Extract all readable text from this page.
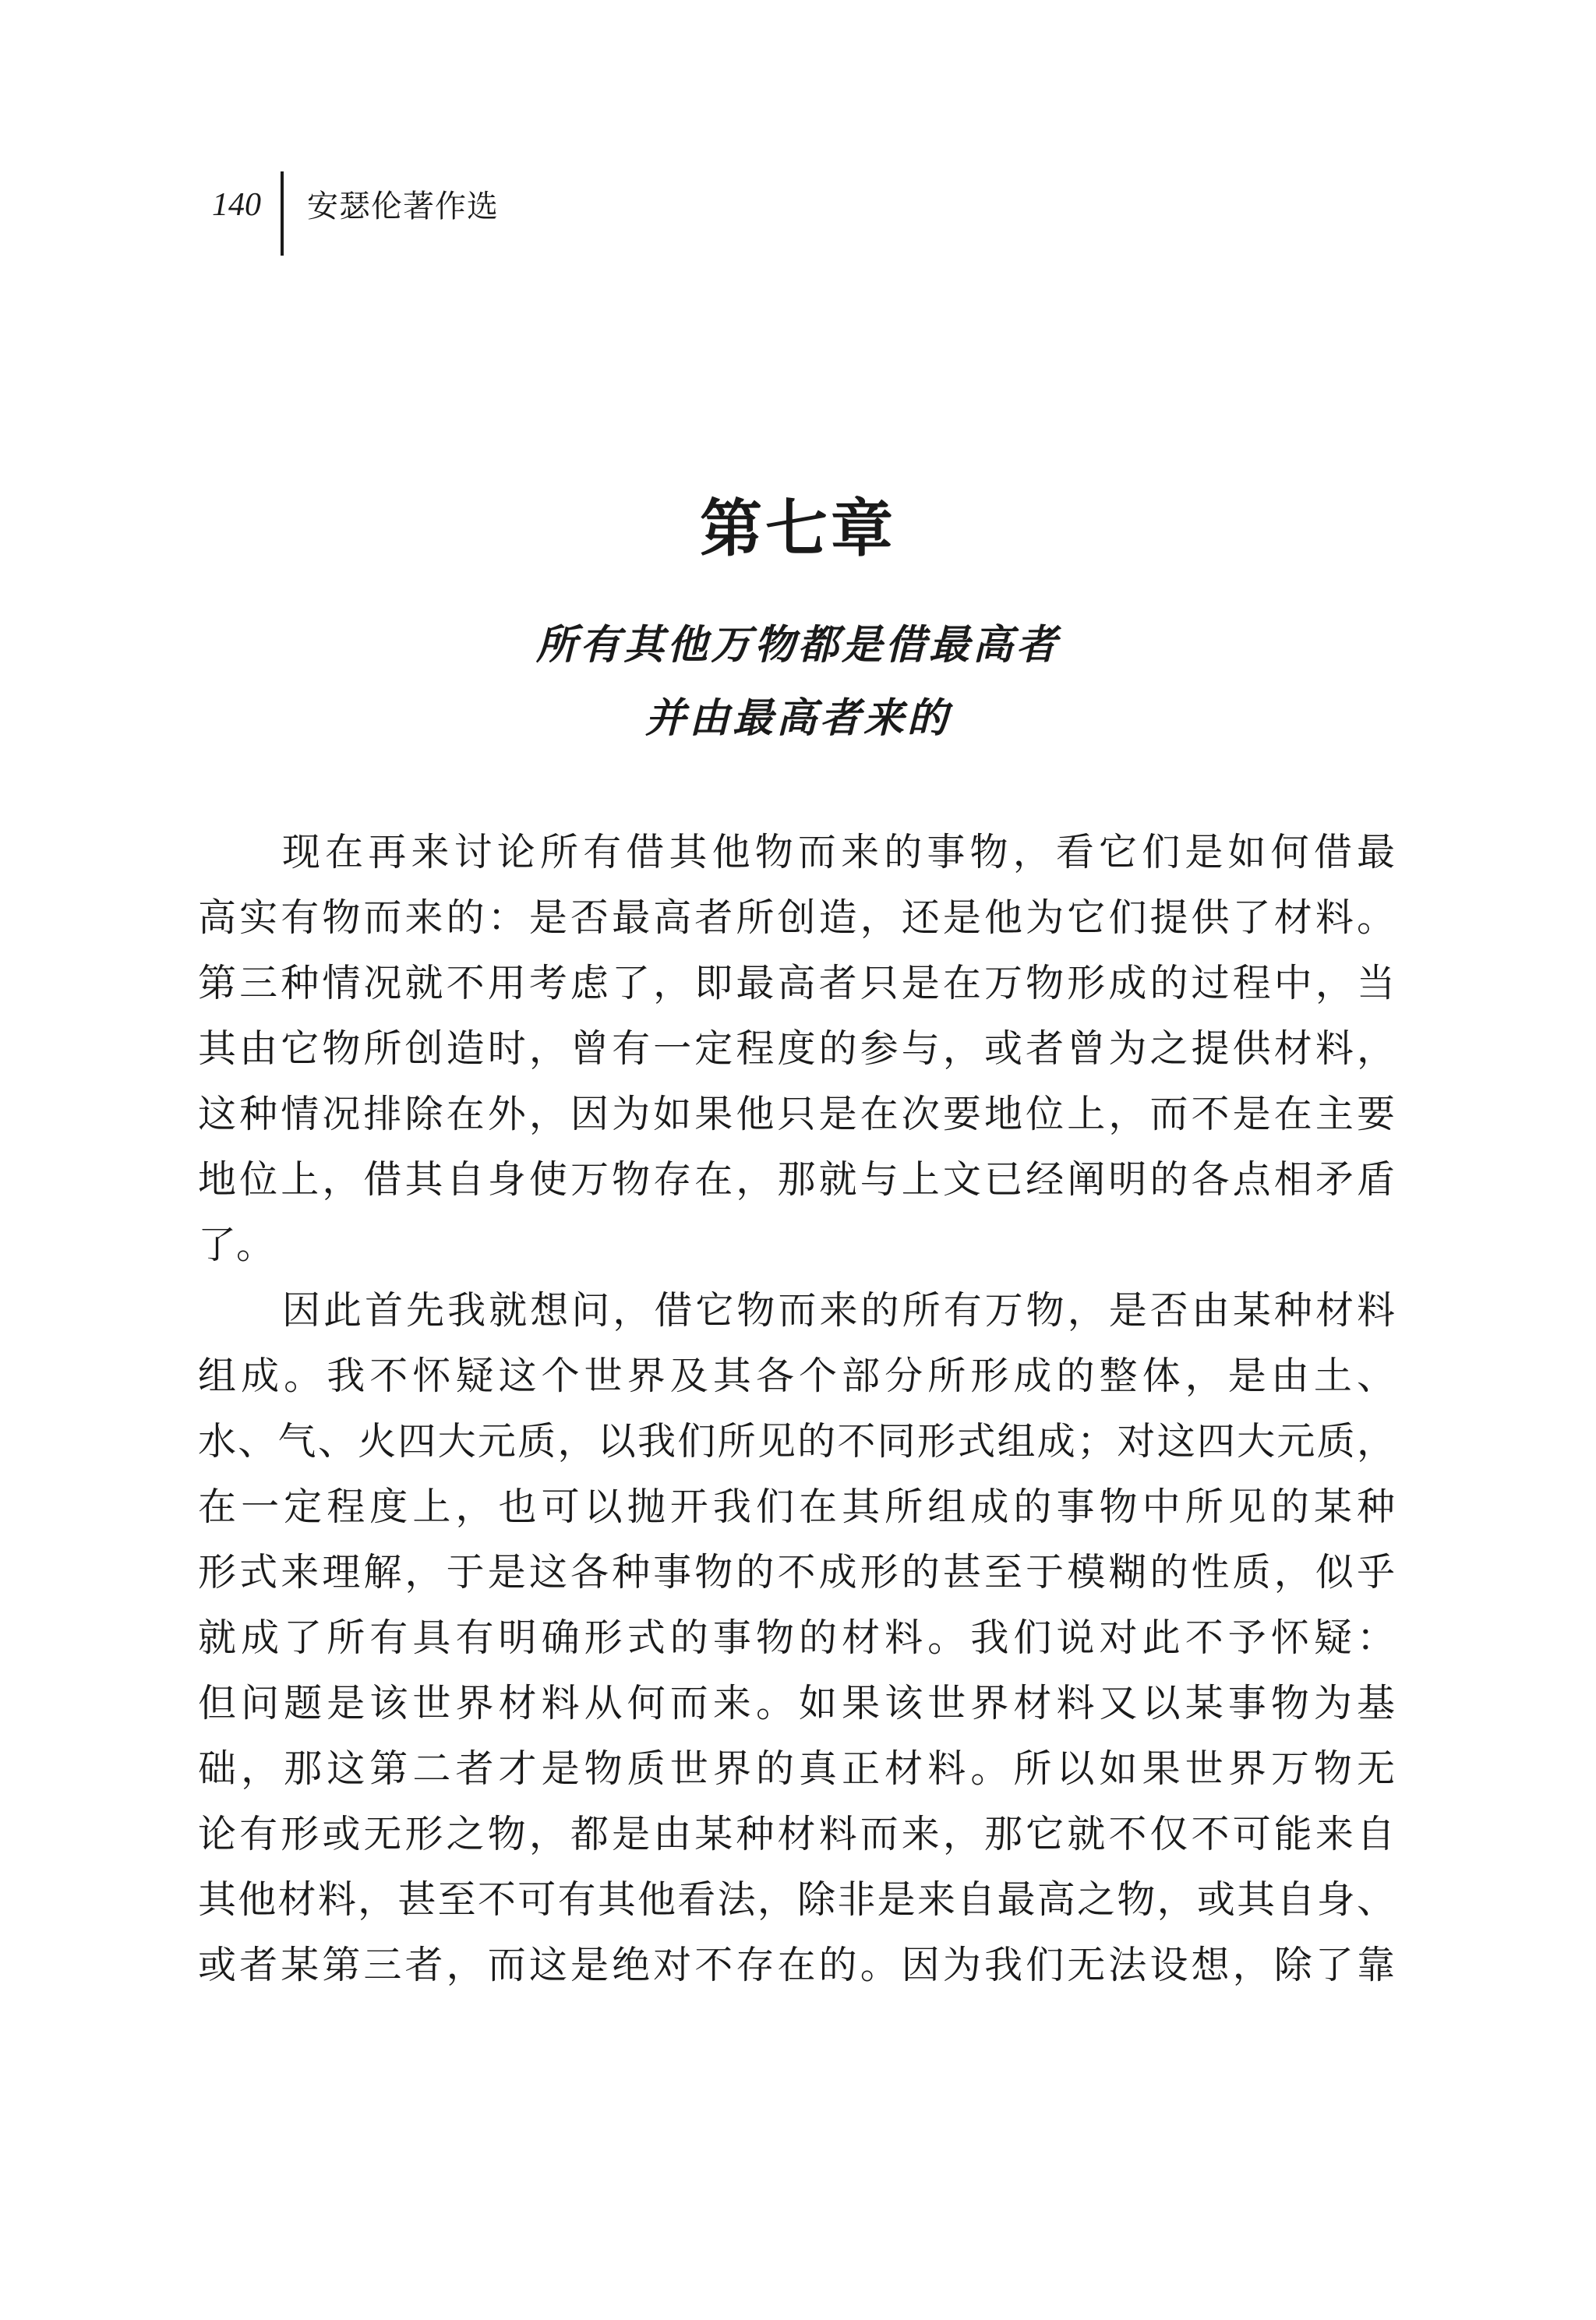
140 安瑟伦著作选
第七章
所有其他万物都是借最高者
并由最高者来的
现在再来讨论所有借其他物而来的事物，看它们是如何借最
高实有物而来的：是否最高者所创造，还是他为它们提供了材料。
第三种情况就不用考虑了，即最高者只是在万物形成的过程中，当
其由它物所创造时，曾有一定程度的参与，或者曾为之提供材料，
这种情况排除在外，因为如果他只是在次要地位上，而不是在主要
地位上，借其自身使万物存在，那就与上文已经阐明的各点相矛盾
了。
因此首先我就想问，借它物而来的所有万物，是否由某种材料
组成。我不怀疑这个世界及其各个部分所形成的整体，是由土、
水、气、火四大元质，以我们所见的不同形式组成；对这四大元质，
在一定程度上，也可以抛开我们在其所组成的事物中所见的某种
形式来理解，于是这各种事物的不成形的甚至于模糊的性质，似乎
就成了所有具有明确形式的事物的材料。我们说对此不予怀疑：
但问题是该世界材料从何而来。如果该世界材料又以某事物为基
础，那这第二者才是物质世界的真正材料。所以如果世界万物无
论有形或无形之物，都是由某种材料而来，那它就不仅不可能来自
其他材料，甚至不可有其他看法，除非是来自最高之物，或其自身、
或者某第三者，而这是绝对不存在的。因为我们无法设想，除了靠
